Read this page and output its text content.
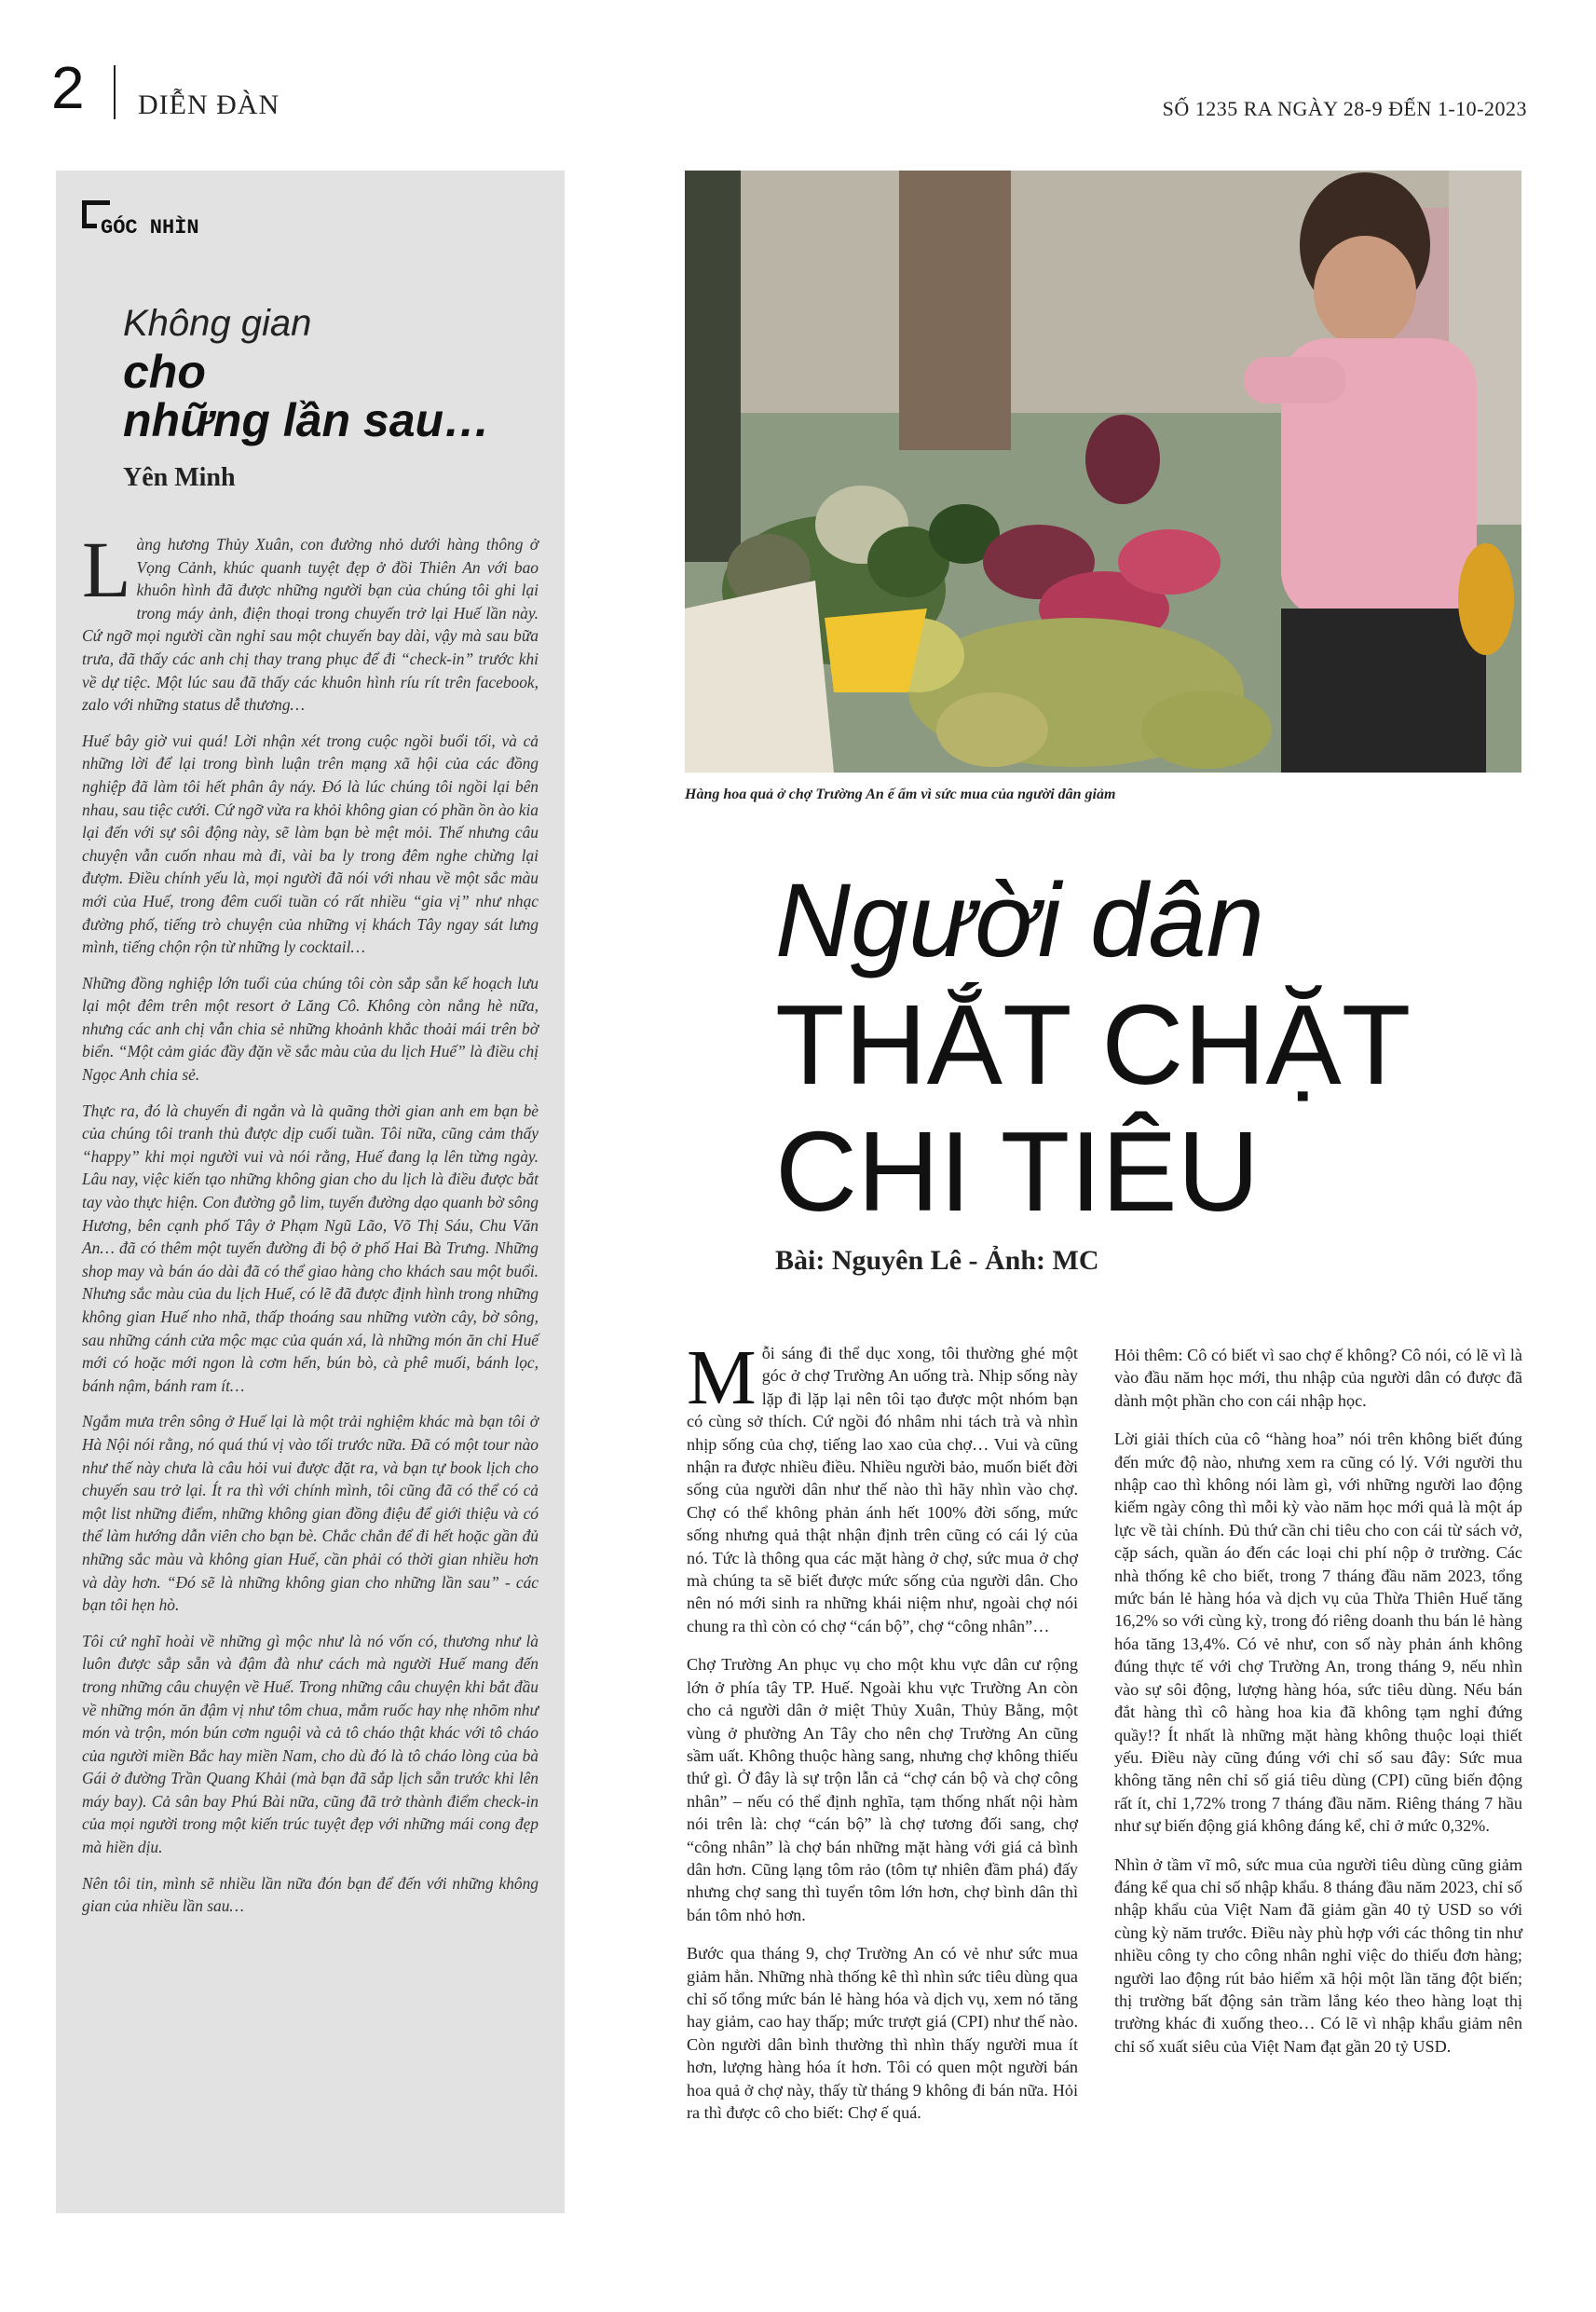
2 DIỄN ĐÀN	SỐ 1235 RA NGÀY 28-9 ĐẾN 1-10-2023
GÓC NHÌN
Không gian
cho
những lần sau…
Yên Minh

Làng hương Thủy Xuân, con đường nhỏ dưới hàng thông ở Vọng Cảnh, khúc quanh tuyệt đẹp ở đồi Thiên An với bao khuôn hình đã được những người bạn của chúng tôi ghi lại trong máy ảnh, điện thoại trong chuyến trở lại Huế lần này. Cứ ngỡ mọi người cần nghỉ sau một chuyến bay dài, vậy mà sau bữa trưa, đã thấy các anh chị thay trang phục để đi “check-in” trước khi về dự tiệc. Một lúc sau đã thấy các khuôn hình ríu rít trên facebook, zalo với những status dễ thương…

Huế bây giờ vui quá! Lời nhận xét trong cuộc ngồi buổi tối, và cả những lời để lại trong bình luận trên mạng xã hội của các đồng nghiệp đã làm tôi hết phân ây náy. Đó là lúc chúng tôi ngồi lại bên nhau, sau tiệc cưới. Cứ ngỡ vừa ra khỏi không gian có phần ồn ào kia lại đến với sự sôi động này, sẽ làm bạn bè mệt mỏi. Thế nhưng câu chuyện vẫn cuốn nhau mà đi, vài ba ly trong đêm nghe chừng lại đượm. Điều chính yếu là, mọi người đã nói với nhau về một sắc màu mới của Huế, trong đêm cuối tuần có rất nhiều “gia vị” như nhạc đường phố, tiếng trò chuyện của những vị khách Tây ngay sát lưng mình, tiếng chộn rộn từ những ly cocktail…

Những đồng nghiệp lớn tuổi của chúng tôi còn sắp sẵn kế hoạch lưu lại một đêm trên một resort ở Lăng Cô. Không còn nắng hè nữa, nhưng các anh chị vẫn chia sẻ những khoảnh khắc thoải mái trên bờ biển. “Một cảm giác đầy đặn về sắc màu của du lịch Huế” là điều chị Ngọc Anh chia sẻ.

Thực ra, đó là chuyến đi ngắn và là quãng thời gian anh em bạn bè của chúng tôi tranh thủ được dịp cuối tuần. Tôi nữa, cũng cảm thấy “happy” khi mọi người vui và nói rằng, Huế đang lạ lên từng ngày. Lâu nay, việc kiến tạo những không gian cho du lịch là điều được bắt tay vào thực hiện. Con đường gỗ lim, tuyến đường dạo quanh bờ sông Hương, bên cạnh phố Tây ở Phạm Ngũ Lão, Võ Thị Sáu, Chu Văn An… đã có thêm một tuyến đường đi bộ ở phố Hai Bà Trưng. Những shop may và bán áo dài đã có thể giao hàng cho khách sau một buổi. Nhưng sắc màu của du lịch Huế, có lẽ đã được định hình trong những không gian Huế nho nhã, thấp thoáng sau những vườn cây, bờ sông, sau những cánh cửa mộc mạc của quán xá, là những món ăn chỉ Huế mới có hoặc mới ngon là cơm hến, bún bò, cà phê muối, bánh lọc, bánh nậm, bánh ram ít…

Ngắm mưa trên sông ở Huế lại là một trải nghiệm khác mà bạn tôi ở Hà Nội nói rằng, nó quá thú vị vào tối trước nữa. Đã có một tour nào như thế này chưa là câu hỏi vui được đặt ra, và bạn tự book lịch cho chuyến sau trở lại. Ít ra thì với chính mình, tôi cũng đã có thể có cả một list những điểm, những không gian đồng điệu để giới thiệu và có thể làm hướng dẫn viên cho bạn bè. Chắc chắn để đi hết hoặc gần đủ những sắc màu và không gian Huế, cần phải có thời gian nhiều hơn và dày hơn. “Đó sẽ là những không gian cho những lần sau” - các bạn tôi hẹn hò.

Tôi cứ nghĩ hoài về những gì mộc như là nó vốn có, thương như là luôn được sắp sẵn và đậm đà như cách mà người Huế mang đến trong những câu chuyện về Huế. Trong những câu chuyện khi bắt đầu về những món ăn đậm vị như tôm chua, mắm ruốc hay nhẹ nhõm như món và trộn, món bún cơm nguội và cả tô cháo thật khác với tô cháo của người miền Bắc hay miền Nam, cho dù đó là tô cháo lòng của bà Gái ở đường Trần Quang Khải (mà bạn đã sắp lịch sẵn trước khi lên máy bay). Cả sân bay Phú Bài nữa, cũng đã trở thành điểm check-in của mọi người trong một kiến trúc tuyệt đẹp với những mái cong đẹp mà hiền dịu.

Nên tôi tin, mình sẽ nhiều lần nữa đón bạn để đến với những không gian của nhiều lần sau…

Hàng hoa quả ở chợ Trường An ế ẩm vì sức mua của người dân giảm
Người dân
THẮT CHẶT
CHI TIÊU
Bài: Nguyên Lê - Ảnh: MC

Mỗi sáng đi thể dục xong, tôi thường ghé một góc ở chợ Trường An uống trà. Nhịp sống này lặp đi lặp lại nên tôi tạo được một nhóm bạn có cùng sở thích. Cứ ngồi đó nhâm nhi tách trà và nhìn nhịp sống của chợ, tiếng lao xao của chợ… Vui và cũng nhận ra được nhiều điều. Nhiều người bảo, muốn biết đời sống của người dân như thế nào thì hãy nhìn vào chợ. Chợ có thể không phản ánh hết 100% đời sống, mức sống nhưng quả thật nhận định trên cũng có cái lý của nó. Tức là thông qua các mặt hàng ở chợ, sức mua ở chợ mà chúng ta sẽ biết được mức sống của người dân. Cho nên nó mới sinh ra những khái niệm như, ngoài chợ nói chung ra thì còn có chợ “cán bộ”, chợ “công nhân”…

Chợ Trường An phục vụ cho một khu vực dân cư rộng lớn ở phía tây TP. Huế. Ngoài khu vực Trường An còn cho cả người dân ở miệt Thủy Xuân, Thủy Bằng, một vùng ở phường An Tây cho nên chợ Trường An cũng sầm uất. Không thuộc hàng sang, nhưng chợ không thiếu thứ gì. Ở đây là sự trộn lẫn cả “chợ cán bộ và chợ công nhân” – nếu có thể định nghĩa, tạm thống nhất nội hàm nói trên là: chợ “cán bộ” là chợ tương đối sang, chợ “công nhân” là chợ bán những mặt hàng với giá cả bình dân hơn. Cũng lạng tôm rảo (tôm tự nhiên đầm phá) đấy nhưng chợ sang thì tuyển tôm lớn hơn, chợ bình dân thì bán tôm nhỏ hơn.

Bước qua tháng 9, chợ Trường An có vẻ như sức mua giảm hẳn. Những nhà thống kê thì nhìn sức tiêu dùng qua chỉ số tổng mức bán lẻ hàng hóa và dịch vụ, xem nó tăng hay giảm, cao hay thấp; mức trượt giá (CPI) như thế nào. Còn người dân bình thường thì nhìn thấy người mua ít hơn, lượng hàng hóa ít hơn. Tôi có quen một người bán hoa quả ở chợ này, thấy từ tháng 9 không đi bán nữa. Hỏi ra thì được cô cho biết: Chợ ế quá.

Hỏi thêm: Cô có biết vì sao chợ ế không? Cô nói, có lẽ vì là vào đầu năm học mới, thu nhập của người dân có được đã dành một phần cho con cái nhập học.

Lời giải thích của cô “hàng hoa” nói trên không biết đúng đến mức độ nào, nhưng xem ra cũng có lý. Với người thu nhập cao thì không nói làm gì, với những người lao động kiếm ngày công thì mỗi kỳ vào năm học mới quả là một áp lực về tài chính. Đủ thứ cần chi tiêu cho con cái từ sách vở, cặp sách, quần áo đến các loại chi phí nộp ở trường. Các nhà thống kê cho biết, trong 7 tháng đầu năm 2023, tổng mức bán lẻ hàng hóa và dịch vụ của Thừa Thiên Huế tăng 16,2% so với cùng kỳ, trong đó riêng doanh thu bán lẻ hàng hóa tăng 13,4%. Có vẻ như, con số này phản ánh không đúng thực tế với chợ Trường An, trong tháng 9, nếu nhìn vào sự sôi động, lượng hàng hóa, sức tiêu dùng. Nếu bán đắt hàng thì cô hàng hoa kia đã không tạm nghỉ đứng quầy!? Ít nhất là những mặt hàng không thuộc loại thiết yếu. Điều này cũng đúng với chỉ số sau đây: Sức mua không tăng nên chỉ số giá tiêu dùng (CPI) cũng biến động rất ít, chỉ 1,72% trong 7 tháng đầu năm. Riêng tháng 7 hầu như sự biến động giá không đáng kể, chỉ ở mức 0,32%.

Nhìn ở tầm vĩ mô, sức mua của người tiêu dùng cũng giảm đáng kể qua chỉ số nhập khẩu. 8 tháng đầu năm 2023, chỉ số nhập khẩu của Việt Nam đã giảm gần 40 tỷ USD so với cùng kỳ năm trước. Điều này phù hợp với các thông tin như nhiều công ty cho công nhân nghỉ việc do thiếu đơn hàng; người lao động rút bảo hiểm xã hội một lần tăng đột biến; thị trường bất động sản trầm lắng kéo theo hàng loạt thị trường khác đi xuống theo… Có lẽ vì nhập khẩu giảm nên chỉ số xuất siêu của Việt Nam đạt gần 20 tỷ USD.
